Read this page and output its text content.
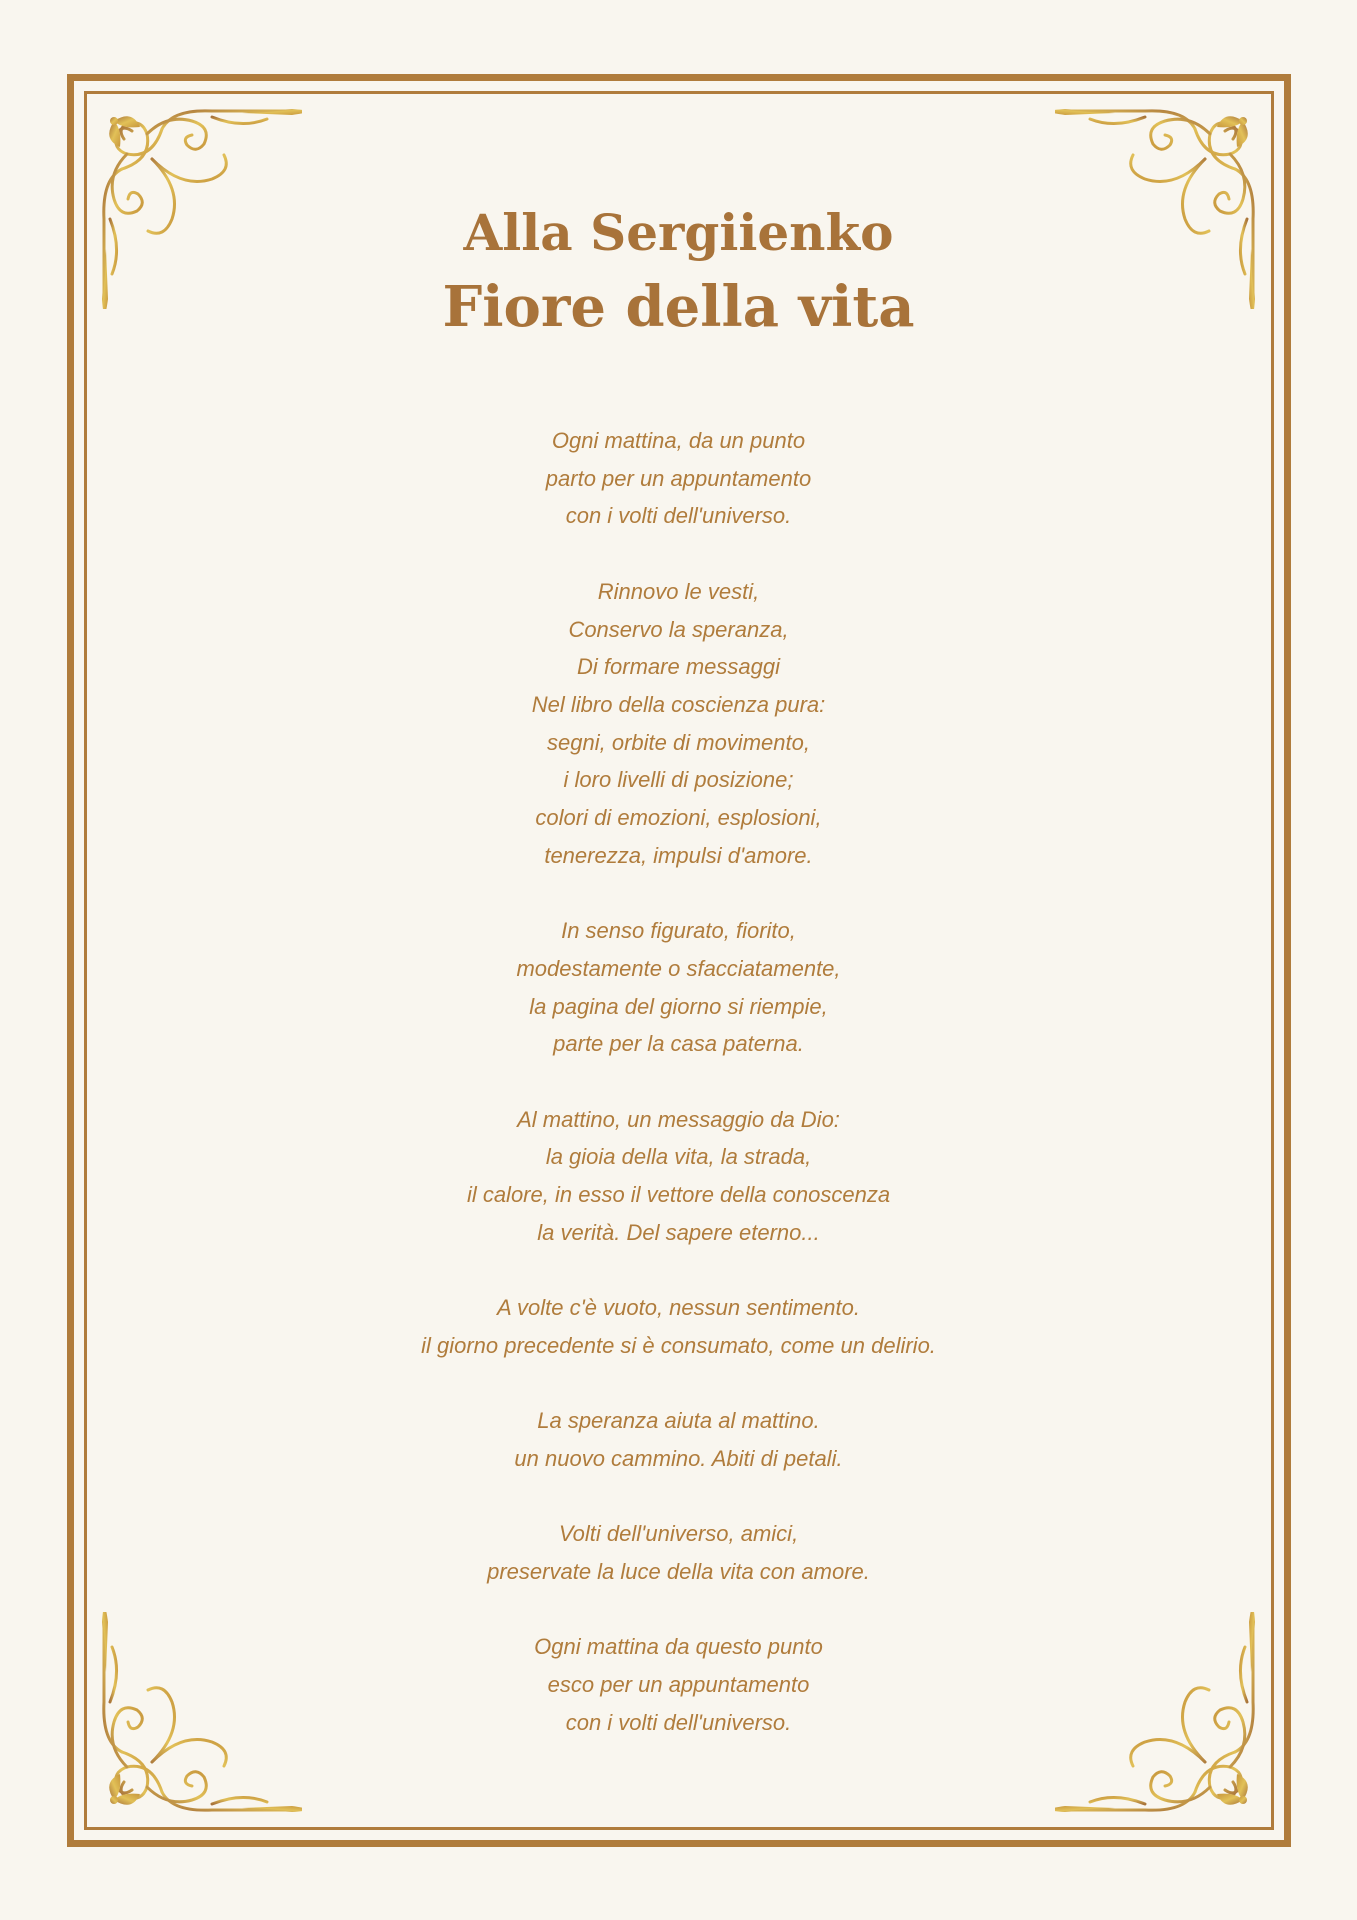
Alla Sergiienko
Fiore della vita

Ogni mattina, da un punto
parto per un appuntamento
con i volti dell'universo.

Rinnovo le vesti,
Conservo la speranza,
Di formare messaggi
Nel libro della coscienza pura:
segni, orbite di movimento,
i loro livelli di posizione;
colori di emozioni, esplosioni,
tenerezza, impulsi d'amore.

In senso figurato, fiorito,
modestamente o sfacciatamente,
la pagina del giorno si riempie,
parte per la casa paterna.

Al mattino, un messaggio da Dio:
la gioia della vita, la strada,
il calore, in esso il vettore della conoscenza
la verità. Del sapere eterno...

A volte c'è vuoto, nessun sentimento.
il giorno precedente si è consumato, come un delirio.

La speranza aiuta al mattino.
un nuovo cammino. Abiti di petali.

Volti dell'universo, amici,
preservate la luce della vita con amore.

Ogni mattina da questo punto
esco per un appuntamento
con i volti dell'universo.
